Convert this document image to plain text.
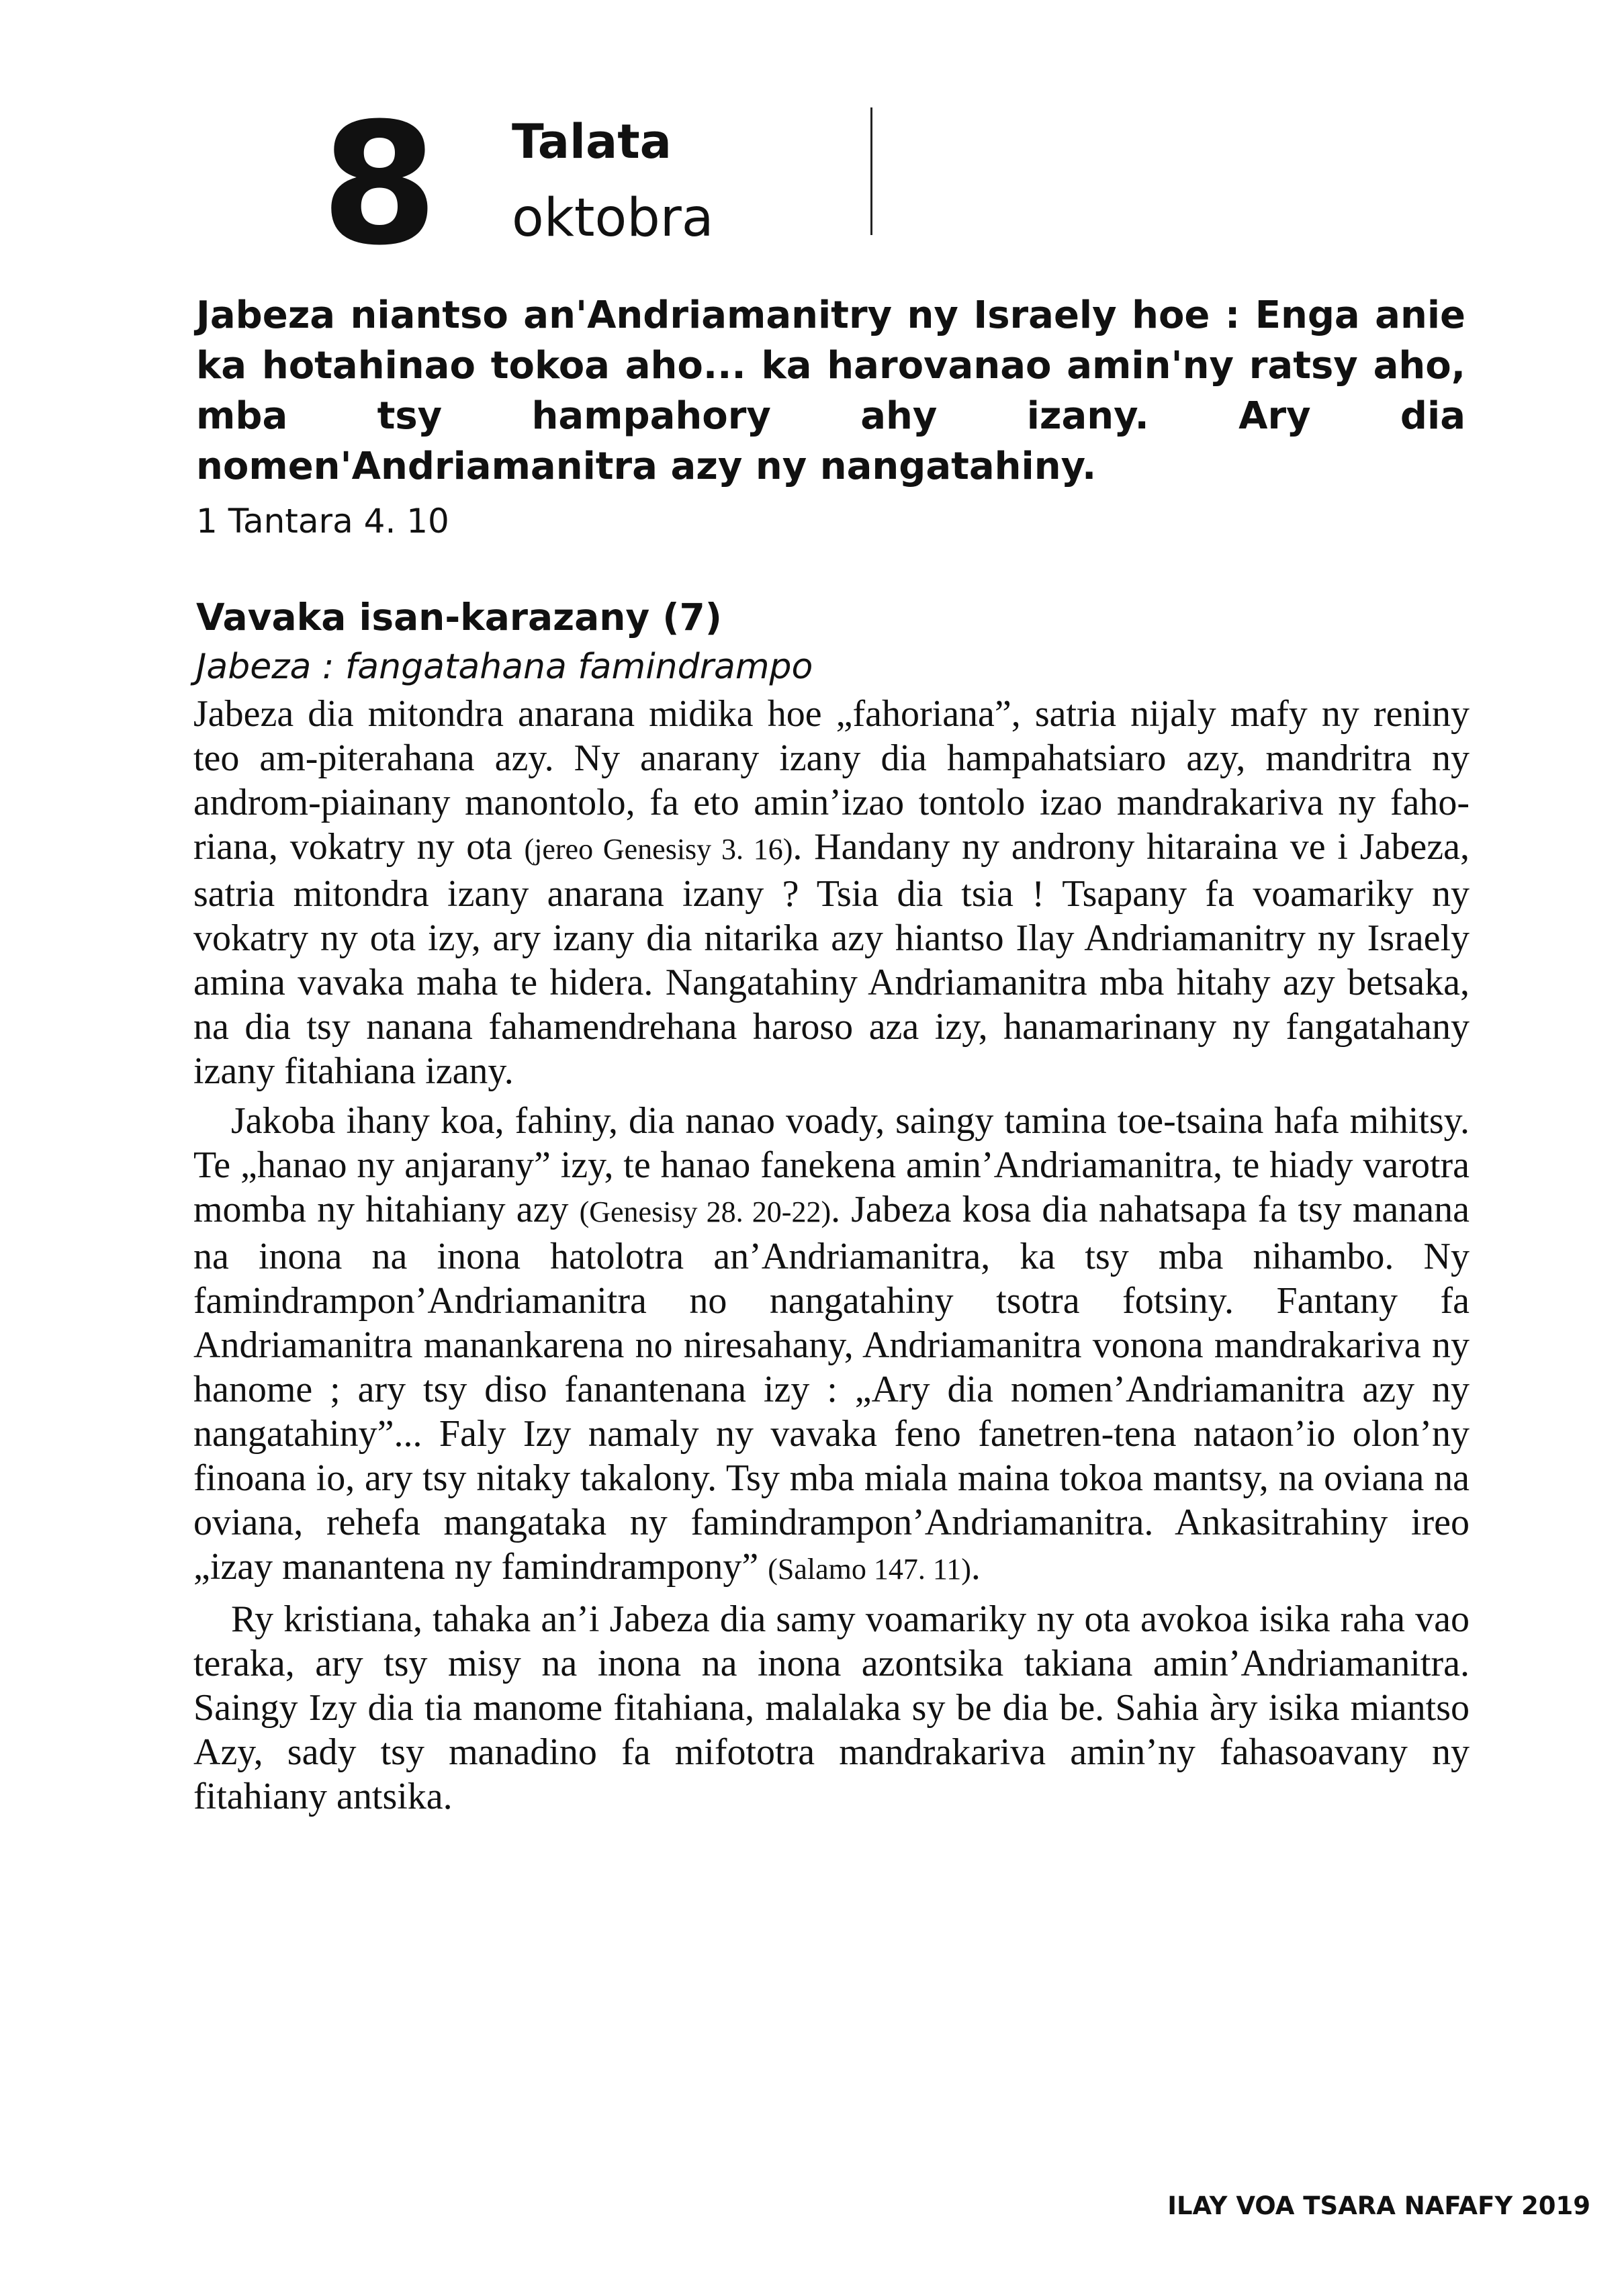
8 Talata
oktobra
Jabeza niantso an'Andriamanitry ny Israely hoe : Enga anie ka hotahinao tokoa aho... ka harovanao amin'ny ratsy aho, mba tsy hampahory ahy izany. Ary dia nomen'Andriamanitra azy ny nangatahiny.
1 Tantara 4. 10
Vavaka isan-karazany (7)
Jabeza : fangatahana famindrampo

Jabeza dia mitondra anarana midika hoe „fahoriana”, satria nijaly mafy ny reniny teo am-piterahana azy. Ny anarany izany dia hampahatsiaro azy, mandritra ny androm-piainany manontolo, fa eto amin’izao tontolo izao mandrakariva ny fahoriana, vokatry ny ota (jereo Genesisy 3. 16). Handany ny androny hitaraina ve i Jabeza, satria mitondra izany anarana izany ? Tsia dia tsia ! Tsapany fa voamariky ny vokatry ny ota izy, ary izany dia nitarika azy hiantso Ilay Andriamanitry ny Israely amina vavaka maha te hidera. Nangatahiny Andriamanitra mba hitahy azy betsaka, na dia tsy nanana fahamendrehana haroso aza izy, hanamarinany ny fangatahany izany fitahiana izany.

Jakoba ihany koa, fahiny, dia nanao voady, saingy tamina toe-tsaina hafa mihitsy. Te „hanao ny anjarany” izy, te hanao fanekena amin’Andriamanitra, te hiady varotra momba ny hitahiany azy (Genesisy 28. 20-22). Jabeza kosa dia nahatsapa fa tsy manana na inona na inona hatolotra an’Andriamanitra, ka tsy mba nihambo. Ny famindrampon’Andriamanitra no nangatahiny tsotra fotsiny. Fantany fa Andriamanitra manankarena no niresahany, Andriamanitra vonona mandrakariva ny hanome ; ary tsy diso fanantenana izy : „Ary dia nomen’Andriamanitra azy ny nangatahiny”... Faly Izy namaly ny vavaka feno fanetren-tena nataon’io olon’ny finoana io, ary tsy nitaky takalony. Tsy mba miala maina tokoa mantsy, na oviana na oviana, rehefa mangataka ny famindrampon’Andriamanitra. Ankasitrahiny ireo „izay manantena ny famindrampony” (Salamo 147. 11).

Ry kristiana, tahaka an’i Jabeza dia samy voamariky ny ota avokoa isika raha vao teraka, ary tsy misy na inona na inona azontsika takiana amin’Andriamanitra. Saingy Izy dia tia manome fitahiana, malalaka sy be dia be. Sahia àry isika miantso Azy, sady tsy manadino fa mifototra mandrakariva amin’ny fahasoavany ny fitahiany antsika.

ILAY VOA TSARA NAFAFY 2019
